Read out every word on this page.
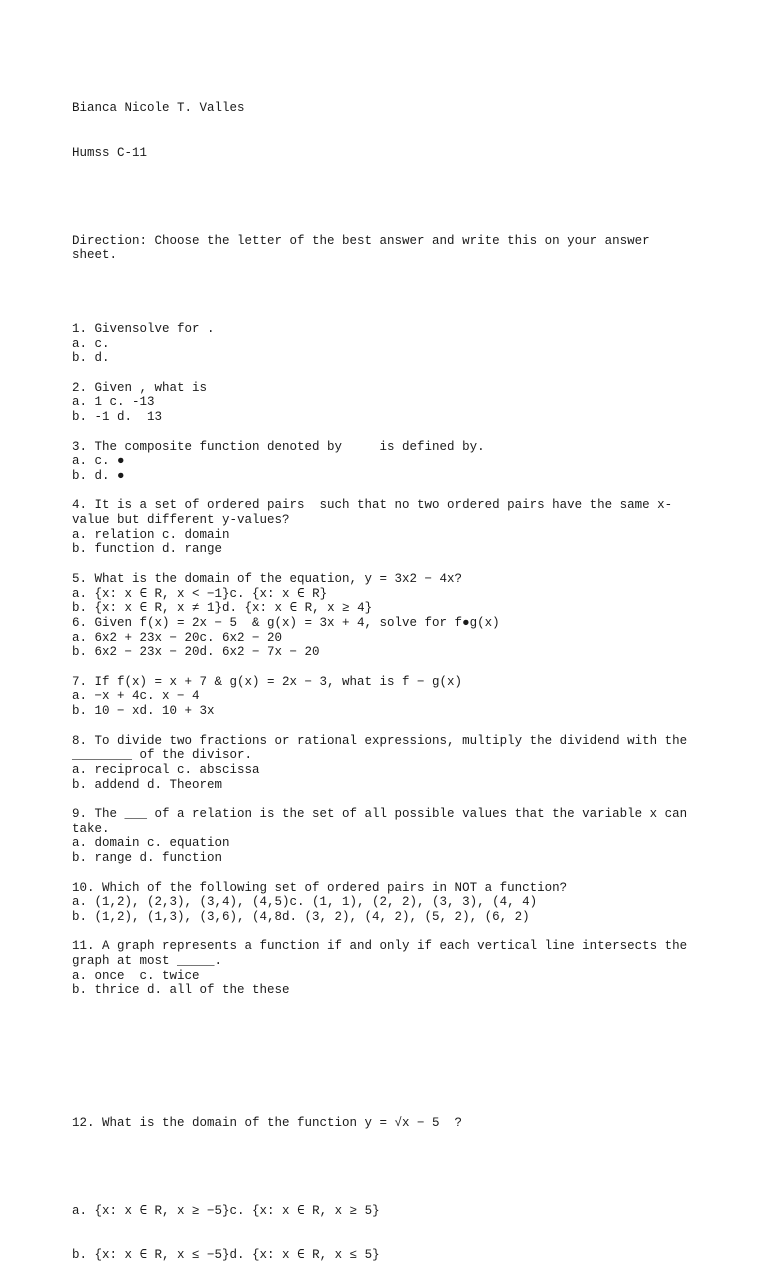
Bianca Nicole T. Valles

Humss C-11

Direction: Choose the letter of the best answer and write this on your answer
sheet.

1. Givensolve for .
a. c.
b. d.
2. Given , what is
a. 1 c. -13
b. -1 d.  13
3. The composite function denoted by     is defined by.
a. c. ●
b. d. ●
4. It is a set of ordered pairs  such that no two ordered pairs have the same x-
value but different y-values?
a. relation c. domain
b. function d. range
5. What is the domain of the equation, y = 3x2 − 4x?
a. {x: x ∈ R, x < −1}c. {x: x ∈ R}
b. {x: x ∈ R, x ≠ 1}d. {x: x ∈ R, x ≥ 4}
6. Given f(x) = 2x − 5  & g(x) = 3x + 4, solve for f●g(x)
a. 6x2 + 23x − 20c. 6x2 − 20
b. 6x2 − 23x − 20d. 6x2 − 7x − 20
7. If f(x) = x + 7 & g(x) = 2x − 3, what is f − g(x)
a. −x + 4c. x − 4
b. 10 − xd. 10 + 3x
8. To divide two fractions or rational expressions, multiply the dividend with the
________ of the divisor.
a. reciprocal c. abscissa
b. addend d. Theorem
9. The ___ of a relation is the set of all possible values that the variable x can
take.
a. domain c. equation
b. range d. function
10. Which of the following set of ordered pairs in NOT a function?
a. (1,2), (2,3), (3,4), (4,5)c. (1, 1), (2, 2), (3, 3), (4, 4)
b. (1,2), (1,3), (3,6), (4,8d. (3, 2), (4, 2), (5, 2), (6, 2)
11. A graph represents a function if and only if each vertical line intersects the
graph at most _____.
a. once  c. twice
b. thrice d. all of the these

12. What is the domain of the function y = √x − 5  ?

a. {x: x ∈ R, x ≥ −5}c. {x: x ∈ R, x ≥ 5}

b. {x: x ∈ R, x ≤ −5}d. {x: x ∈ R, x ≤ 5}
